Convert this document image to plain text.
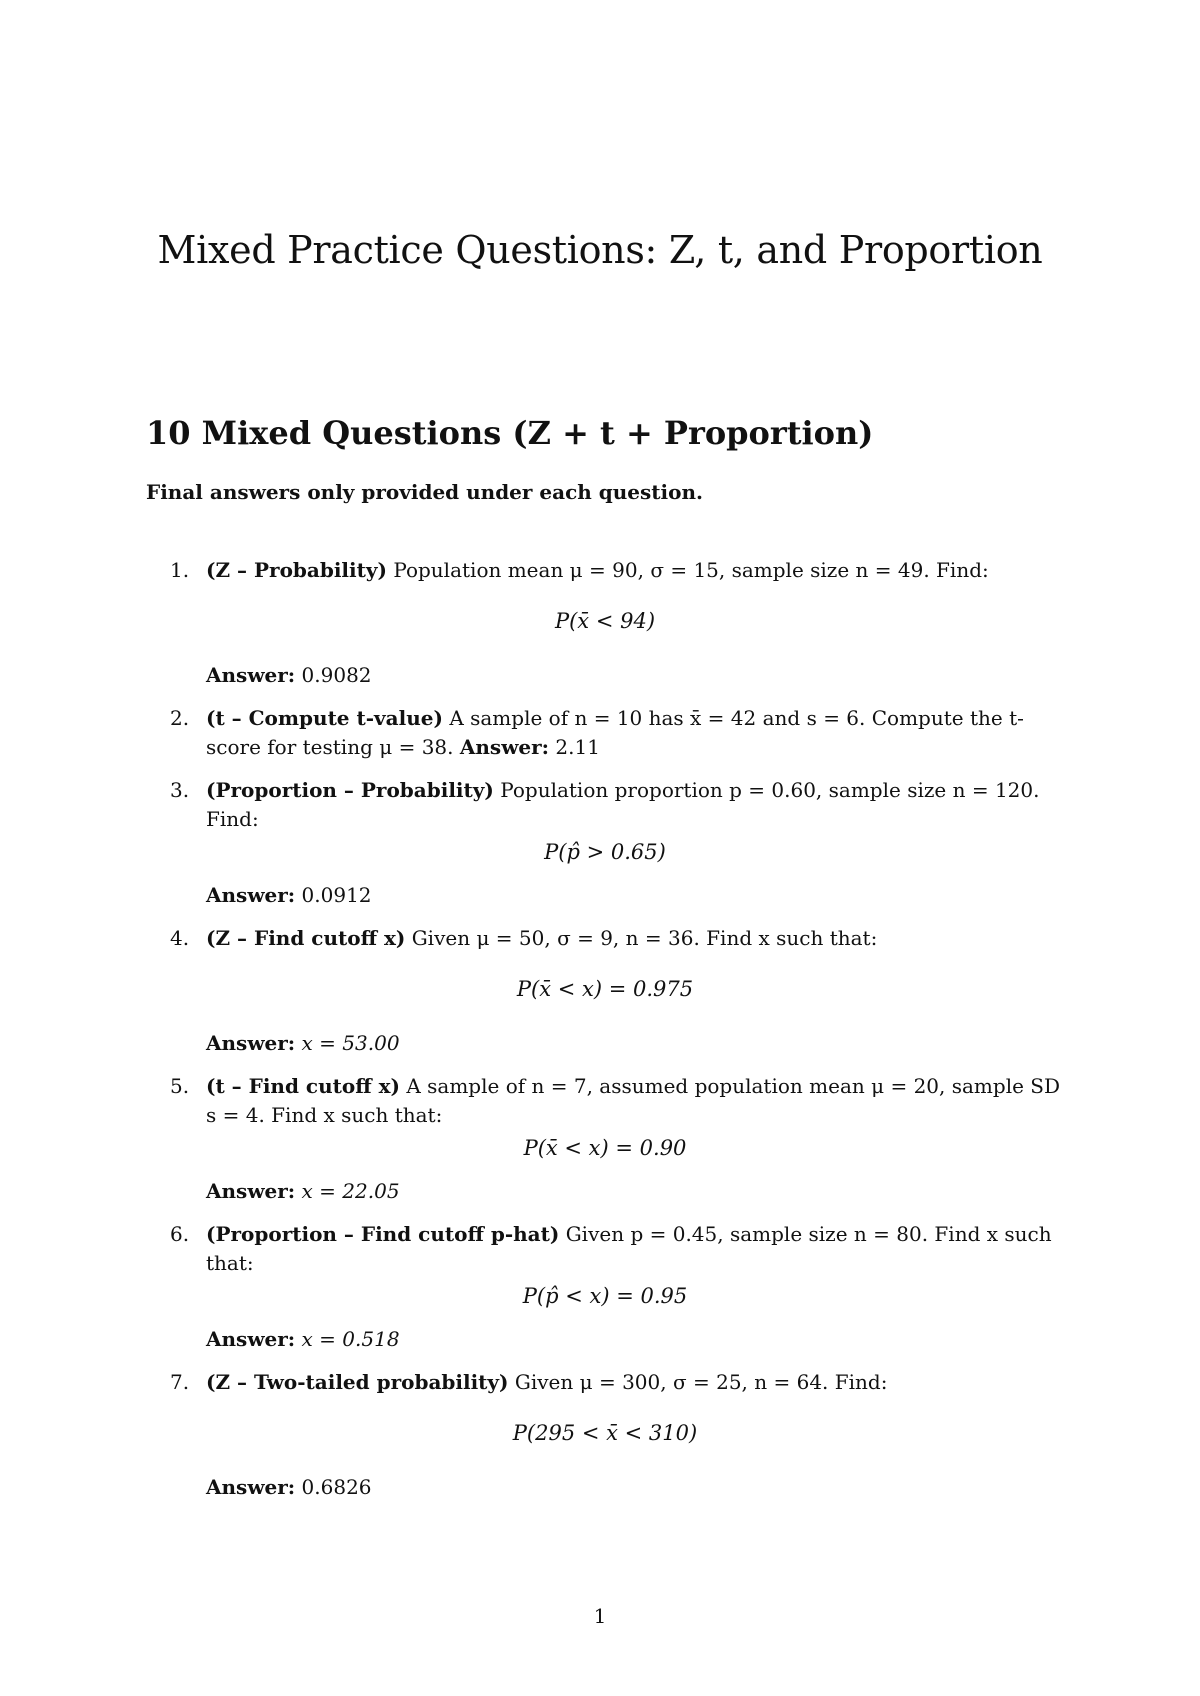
Mixed Practice Questions: Z, t, and Proportion
10 Mixed Questions (Z + t + Proportion)

Final answers only provided under each question.

1. (Z – Probability) Population mean μ = 90, σ = 15, sample size n = 49. Find:
P(x̄ < 94)
Answer: 0.9082
2. (t – Compute t-value) A sample of n = 10 has x̄ = 42 and s = 6. Compute the t-score for testing μ = 38. Answer: 2.11
3. (Proportion – Probability) Population proportion p = 0.60, sample size n = 120. Find:
P(p̂ > 0.65)
Answer: 0.0912
4. (Z – Find cutoff x) Given μ = 50, σ = 9, n = 36. Find x such that:
P(x̄ < x) = 0.975
Answer: x = 53.00
5. (t – Find cutoff x) A sample of n = 7, assumed population mean μ = 20, sample SD s = 4. Find x such that:
P(x̄ < x) = 0.90
Answer: x = 22.05
6. (Proportion – Find cutoff p-hat) Given p = 0.45, sample size n = 80. Find x such that:
P(p̂ < x) = 0.95
Answer: x = 0.518
7. (Z – Two-tailed probability) Given μ = 300, σ = 25, n = 64. Find:
P(295 < x̄ < 310)
Answer: 0.6826
1
